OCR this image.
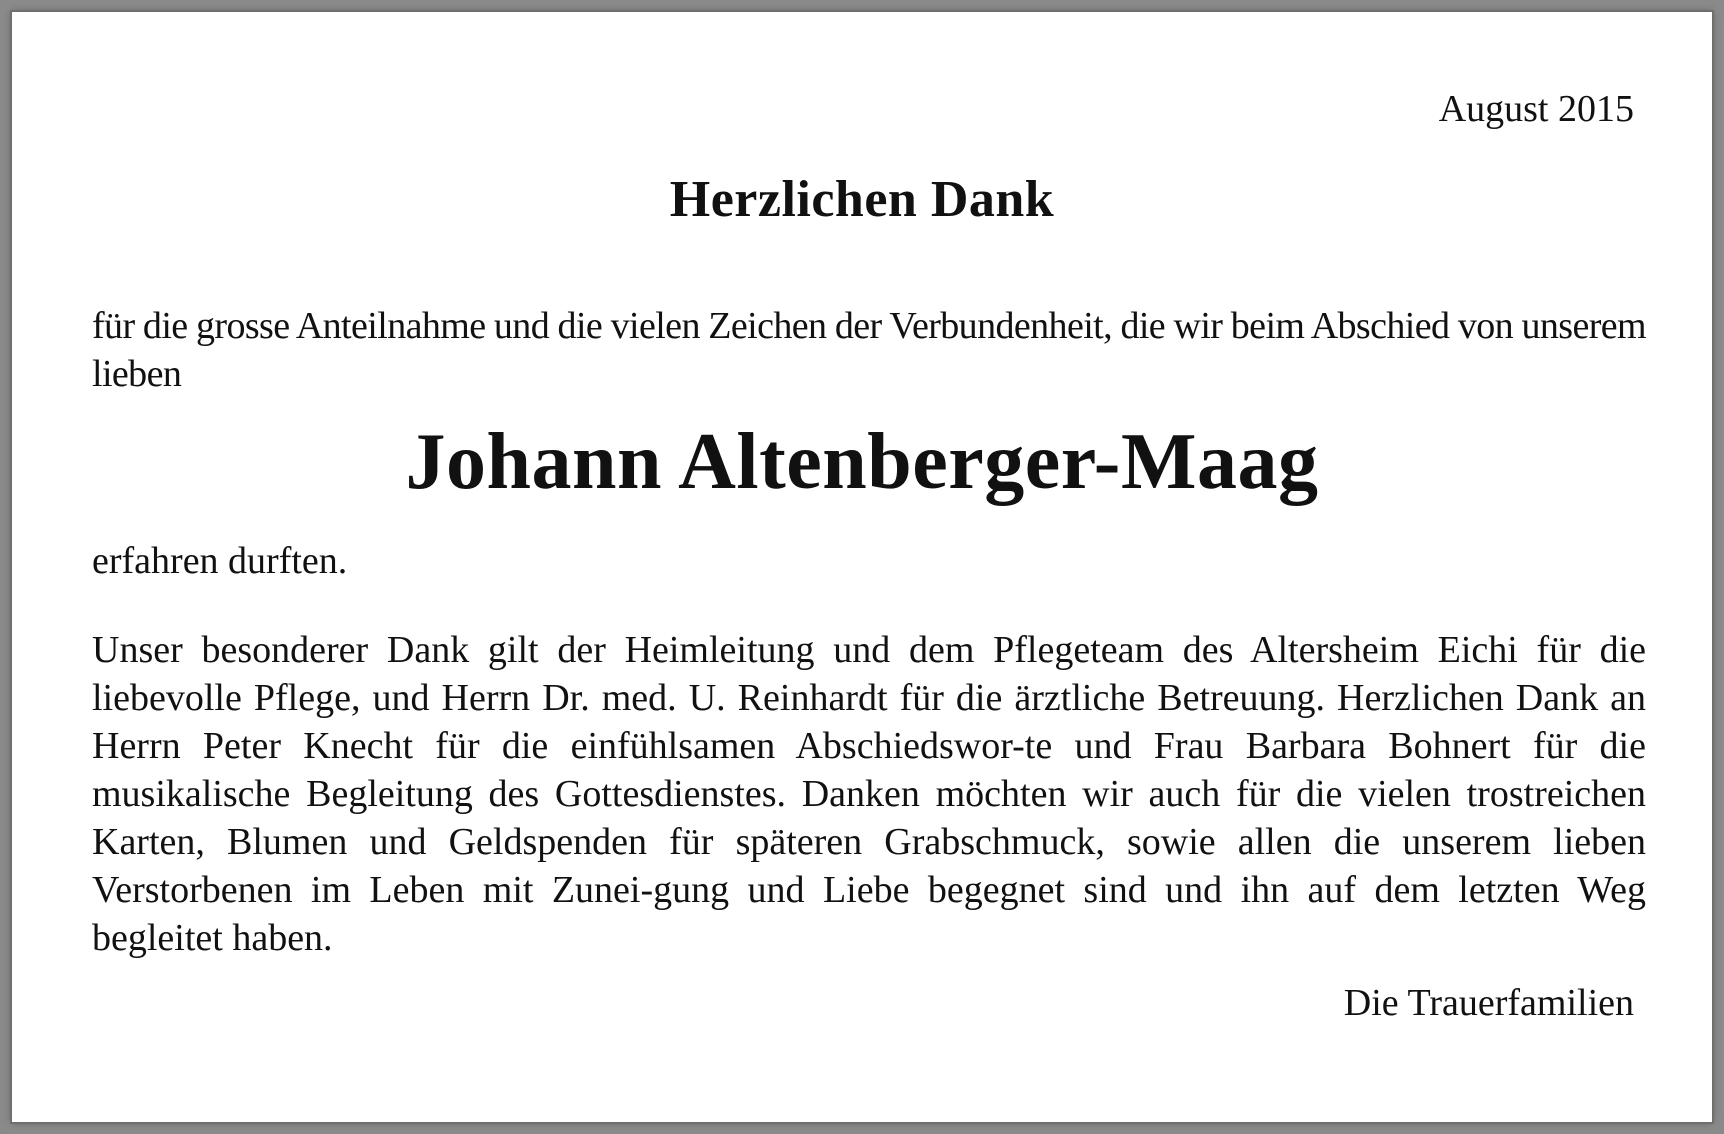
August 2015
Herzlichen Dank

für die grosse Anteilnahme und die vielen Zeichen der Verbundenheit, die wir beim Abschied von unserem lieben

Johann Altenberger-Maag

erfahren durften.

Unser besonderer Dank gilt der Heimleitung und dem Pflegeteam des Altersheim Eichi für die liebevolle Pflege, und Herrn Dr. med. U. Reinhardt für die ärztliche Betreuung. Herzlichen Dank an Herrn Peter Knecht für die einfühlsamen Abschiedswor-te und Frau Barbara Bohnert für die musikalische Begleitung des Gottesdienstes. Danken möchten wir auch für die vielen trostreichen Karten, Blumen und Geldspenden für späteren Grabschmuck, sowie allen die unserem lieben Verstorbenen im Leben mit Zunei-gung und Liebe begegnet sind und ihn auf dem letzten Weg begleitet haben.

Die Trauerfamilien
